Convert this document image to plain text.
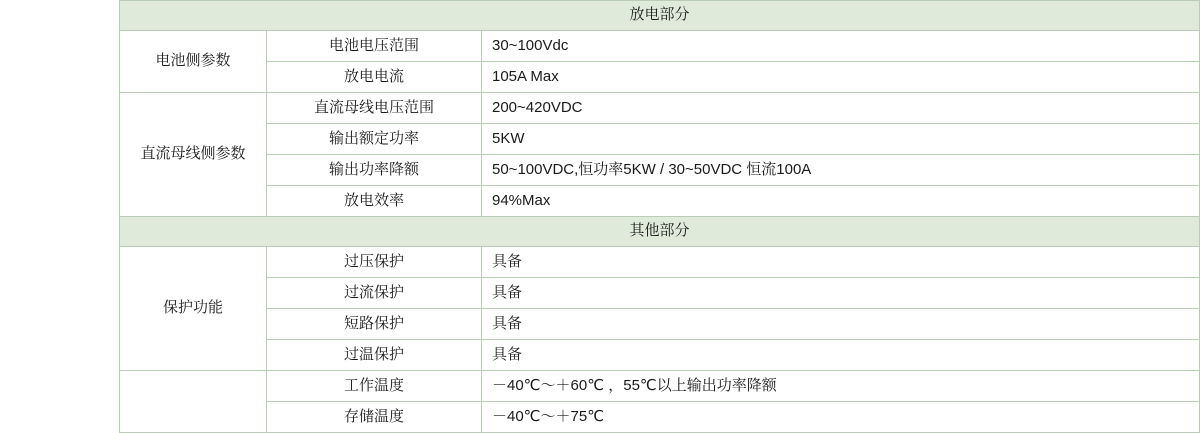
放电部分		
电池侧参数	电池电压范围	30~100Vdc
	放电电流	105A Max
直流母线侧参数	直流母线电压范围	200~420VDC
	输出额定功率	5KW
	输出功率降额	50~100VDC,恒功率5KW / 30~50VDC 恒流100A
	放电效率	94%Max
其他部分		
保护功能	过压保护	具备
	过流保护	具备
	短路保护	具备
	过温保护	具备
	工作温度	－40℃～＋60℃ ，55℃以上输出功率降额
	存储温度	－40℃～＋75℃
